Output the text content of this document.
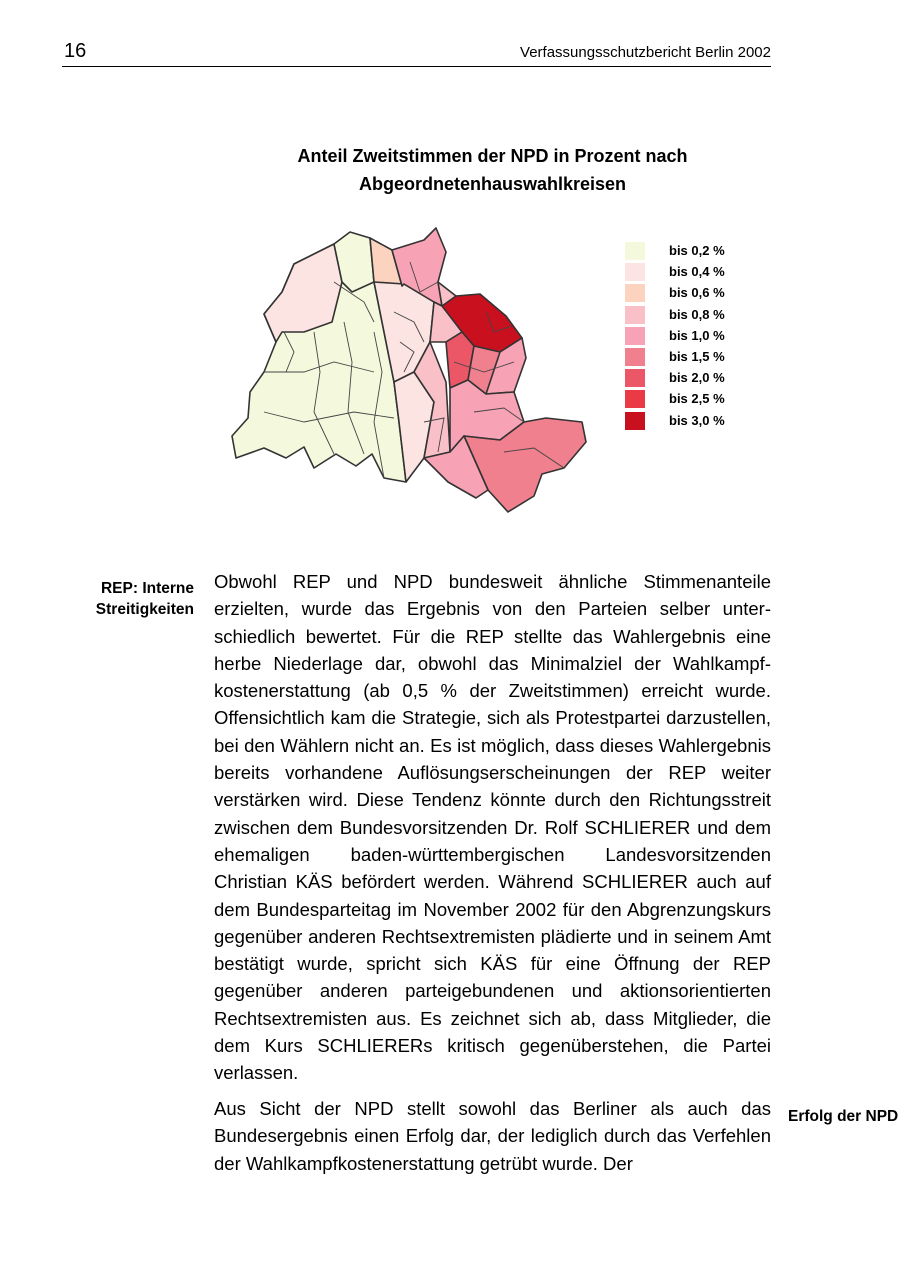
16	Verfassungsschutzbericht Berlin 2002
Anteil Zweitstimmen der NPD in Prozent nach
Abgeordnetenhauswahlkreisen
bis 0,2 %
bis 0,4 %
bis 0,6 %
bis 0,8 %
bis 1,0 %
bis 1,5 %
bis 2,0 %
bis 2,5 %
bis 3,0 %
REP: Interne
Streitigkeiten
Erfolg der NPD

Obwohl REP und NPD bundesweit ähnliche Stimmenanteile erzielten, wurde das Ergebnis von den Parteien selber unterschiedlich bewertet. Für die REP stellte das Wahlergebnis eine herbe Niederlage dar, obwohl das Minimalziel der Wahlkampfkostenerstattung (ab 0,5 % der Zweitstimmen) erreicht wurde. Offensichtlich kam die Strategie, sich als Protestpartei darzustellen, bei den Wählern nicht an. Es ist möglich, dass dieses Wahlergebnis bereits vorhandene Auflösungserscheinungen der REP weiter verstärken wird. Diese Tendenz könnte durch den Richtungsstreit zwischen dem Bundesvorsitzenden Dr. Rolf SCHLIERER und dem ehemaligen baden-württembergischen Landesvorsitzenden Christian KÄS befördert werden. Während SCHLIERER auch auf dem Bundesparteitag im November 2002 für den Abgrenzungskurs gegenüber anderen Rechtsextremisten plädierte und in seinem Amt bestätigt wurde, spricht sich KÄS für eine Öffnung der REP gegenüber anderen parteigebundenen und aktionsorientierten Rechtsextremisten aus. Es zeichnet sich ab, dass Mitglieder, die dem Kurs SCHLIERERs kritisch gegenüberstehen, die Partei verlassen.

Aus Sicht der NPD stellt sowohl das Berliner als auch das Bundesergebnis einen Erfolg dar, der lediglich durch das Verfehlen der Wahlkampfkostenerstattung getrübt wurde. Der
